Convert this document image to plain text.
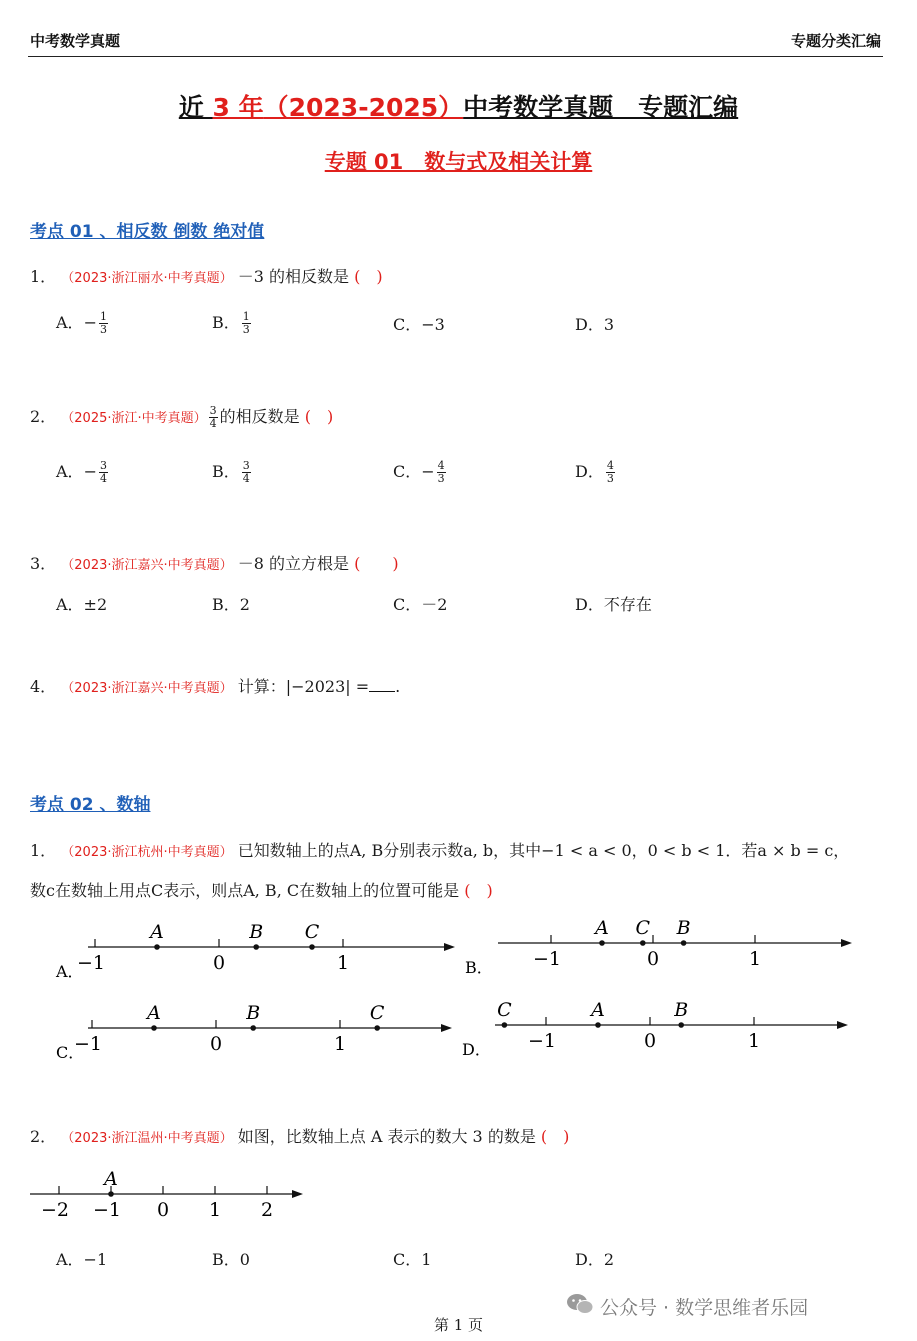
中考数学真题	专题分类汇编
近 3 年（2023-2025）中考数学真题　专题汇编
专题 01　数与式及相关计算
考点 01 、相反数 倒数 绝对值
1． （2023·浙江丽水·中考真题） －3 的相反数是 (　)
A．− $\frac{1}{3}$	B． $\frac{1}{3}$	C．−3	D．3
2． （2025·浙江·中考真题） $\frac{3}{4}$ 的相反数是 (　)
A．− $\frac{3}{4}$	B． $\frac{3}{4}$	C．− $\frac{4}{3}$	D． $\frac{4}{3}$
3． （2023·浙江嘉兴·中考真题） －8 的立方根是 (　　)
A．±2	B．2	C．－2	D．不存在
4． （2023·浙江嘉兴·中考真题） 计算：|−2023| = .
考点 02 、数轴
1． （2023·浙江杭州·中考真题） 已知数轴上的点A, B分别表示数a, b，其中−1 < a < 0，0 < b < 1．若a × b = c，
数c在数轴上用点C表示，则点A, B, C在数轴上的位置可能是 (　)
−1	0	1
A	B C
A．
−1	0	1
A C B
B．
−1	0	1
A	B	C
C．
−1	0	1
C	A	B
D．
2． （2023·浙江温州·中考真题） 如图，比数轴上点 A 表示的数大 3 的数是 (　)
−2 −1 0 1 2
A
A．−1	B．0	C．1	D．2
公众号 · 数学思维者乐园
第 1 页
